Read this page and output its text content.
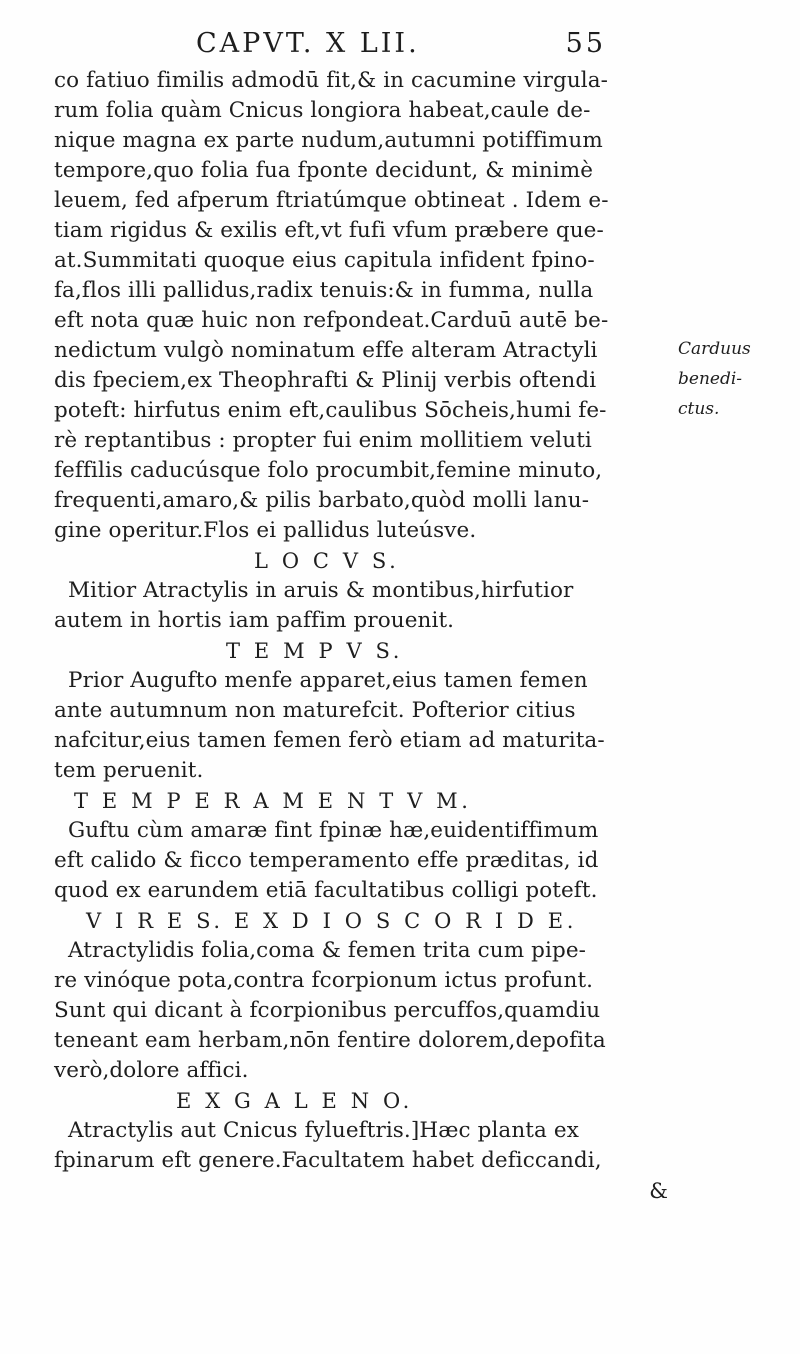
CAPVT. X LII.	55
co fatiuo fimilis admodū fit,& in cacumine virgula-
rum folia quàm Cnicus longiora habeat,caule de-
nique magna ex parte nudum,autumni potiffimum
tempore,quo folia fua fponte decidunt, & minimè
leuem, fed afperum ftriatúmque obtineat . Idem e-
tiam rigidus & exilis eft,vt fufi vfum præbere que-
at.Summitati quoque eius capitula infident fpino-
fa,flos illi pallidus,radix tenuis:& in fumma, nulla
eft nota quæ huic non refpondeat.Carduū autē be-
nedictum vulgò nominatum effe alteram Atractyli
dis fpeciem,ex Theophrafti & Plinij verbis oftendi
poteft: hirfutus enim eft,caulibus Sōcheis,humi fe-
rè reptantibus : propter fui enim mollitiem veluti
feffilis caducúsque folo procumbit,femine minuto,
frequenti,amaro,& pilis barbato,quòd molli lanu-
gine operitur.Flos ei pallidus luteúsve.
L O C V S.
Mitior Atractylis in aruis & montibus,hirfutior
autem in hortis iam paffim prouenit.
T E M P V S.
Prior Augufto menfe apparet,eius tamen femen
ante autumnum non maturefcit. Pofterior citius
nafcitur,eius tamen femen ferò etiam ad maturita-
tem peruenit.
T E M P E R A M E N T V M.
Guftu cùm amaræ fint fpinæ hæ,euidentiffimum
eft calido & ficco temperamento effe præditas, id
quod ex earundem etiā facultatibus colligi poteft.
V I R E S. E X D I O S C O R I D E.
Atractylidis folia,coma & femen trita cum pipe-
re vinóque pota,contra fcorpionum ictus profunt.
Sunt qui dicant à fcorpionibus percuffos,quamdiu
teneant eam herbam,nōn fentire dolorem,depofita
verò,dolore affici.
E X G A L E N O.
Atractylis aut Cnicus fylueftris.]Hæc planta ex
fpinarum eft genere.Facultatem habet deficcandi,
&
Carduus
benedi-
ctus.
